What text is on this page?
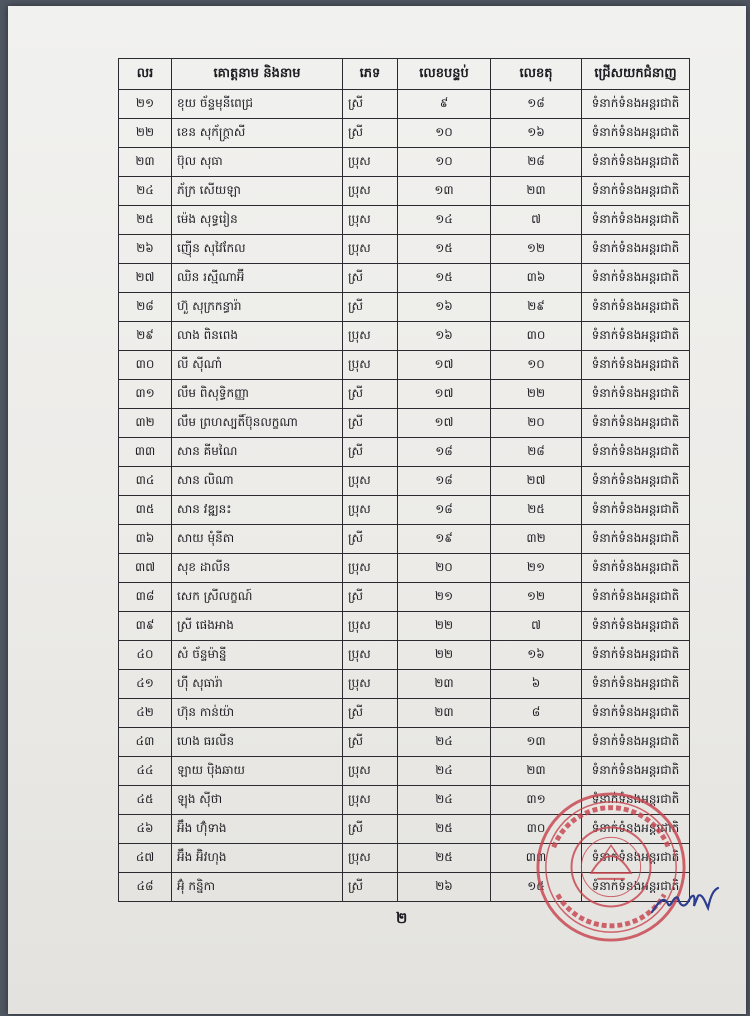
លរ	គោត្តនាម និងនាម	ភេទ	លេខបន្ទប់	លេខតុ	ជ្រើសយកជំនាញ
២១	ខុយ ច័ន្ទមុនីពេជ្រ	ស្រី	៩	១៨	ទំនាក់ទំនងអន្តរជាតិ
២២	ខេន សុក័ក្រ្ថាសី	ស្រី	១០	១៦	ទំនាក់ទំនងអន្តរជាតិ
២៣	ប៊ុល សុធា	ប្រុស	១០	២៨	ទំនាក់ទំនងអន្តរជាតិ
២៤	ភ័ក្រ សើយឡា	ប្រុស	១៣	២៣	ទំនាក់ទំនងអន្តរជាតិ
២៥	ម៉េង សុទ្ធរៀន	ប្រុស	១៤	៧	ទំនាក់ទំនងអន្តរជាតិ
២៦	ញ៉ើន សុវៃកែល	ប្រុស	១៥	១២	ទំនាក់ទំនងអន្តរជាតិ
២៧	ឈិន រស្មីណាអ៊ី	ស្រី	១៥	៣៦	ទំនាក់ទំនងអន្តរជាតិ
២៨	ហ៊ួ សុក្រកន្ធារ៉ា	ស្រី	១៦	២៩	ទំនាក់ទំនងអន្តរជាតិ
២៩	លាង ពិនពេង	ប្រុស	១៦	៣០	ទំនាក់ទំនងអន្តរជាតិ
៣០	លី ស៊ីណាំ	ប្រុស	១៧	១០	ទំនាក់ទំនងអន្តរជាតិ
៣១	លឹម ពិសុទ្ធិកញ្ញា	ស្រី	១៧	២២	ទំនាក់ទំនងអន្តរជាតិ
៣២	លឹម ព្រហស្បតិ៍ប៊ុនលក្ខណា	ស្រី	១៧	២០	ទំនាក់ទំនងអន្តរជាតិ
៣៣	សាន គីមណៃ	ស្រី	១៨	២៨	ទំនាក់ទំនងអន្តរជាតិ
៣៤	សាន លិណា	ប្រុស	១៨	២៧	ទំនាក់ទំនងអន្តរជាតិ
៣៥	សាន វឌ្ឍនះ	ប្រុស	១៨	២៥	ទំនាក់ទំនងអន្តរជាតិ
៣៦	សាយ មុំនីតា	ស្រី	១៩	៣២	ទំនាក់ទំនងអន្តរជាតិ
៣៧	សុខ ដាលីន	ប្រុស	២០	២១	ទំនាក់ទំនងអន្តរជាតិ
៣៨	សេក ស្រីលក្ខណ៍	ស្រី	២១	១២	ទំនាក់ទំនងអន្តរជាតិ
៣៩	ស្រី ផេងអាង	ប្រុស	២២	៧	ទំនាក់ទំនងអន្តរជាតិ
៤០	សំ ច័ន្ទម៉ានី្ន	ប្រុស	២២	១៦	ទំនាក់ទំនងអន្តរជាតិ
៤១	ហ៊ី សុធារ៉ា	ប្រុស	២៣	៦	ទំនាក់ទំនងអន្តរជាតិ
៤២	ហ៊ុន កាន់យ៉ា	ស្រី	២៣	៨	ទំនាក់ទំនងអន្តរជាតិ
៤៣	ហេង ធរលីន	ស្រី	២៤	១៣	ទំនាក់ទំនងអន្តរជាតិ
៤៤	ឡាយ ប៉ិងឆាយ	ប្រុស	២៤	២៣	ទំនាក់ទំនងអន្តរជាតិ
៤៥	ឡុង ស៊ីថា	ប្រុស	២៤	៣១	ទំនាក់ទំនងអន្តរជាតិ
៤៦	អ៊ឹង ហ៊ុំទាង	ស្រី	២៥	៣០	ទំនាក់ទំនងអន្តរជាតិ
៤៧	អ៊ឹង អ៊ិវហុង	ប្រុស	២៥	៣៣	ទំនាក់ទំនងអន្តរជាតិ
៤៨	អ៊ុំ កន្និកា	ស្រី	២៦	១៥	ទំនាក់ទំនងអន្តរជាតិ
២
